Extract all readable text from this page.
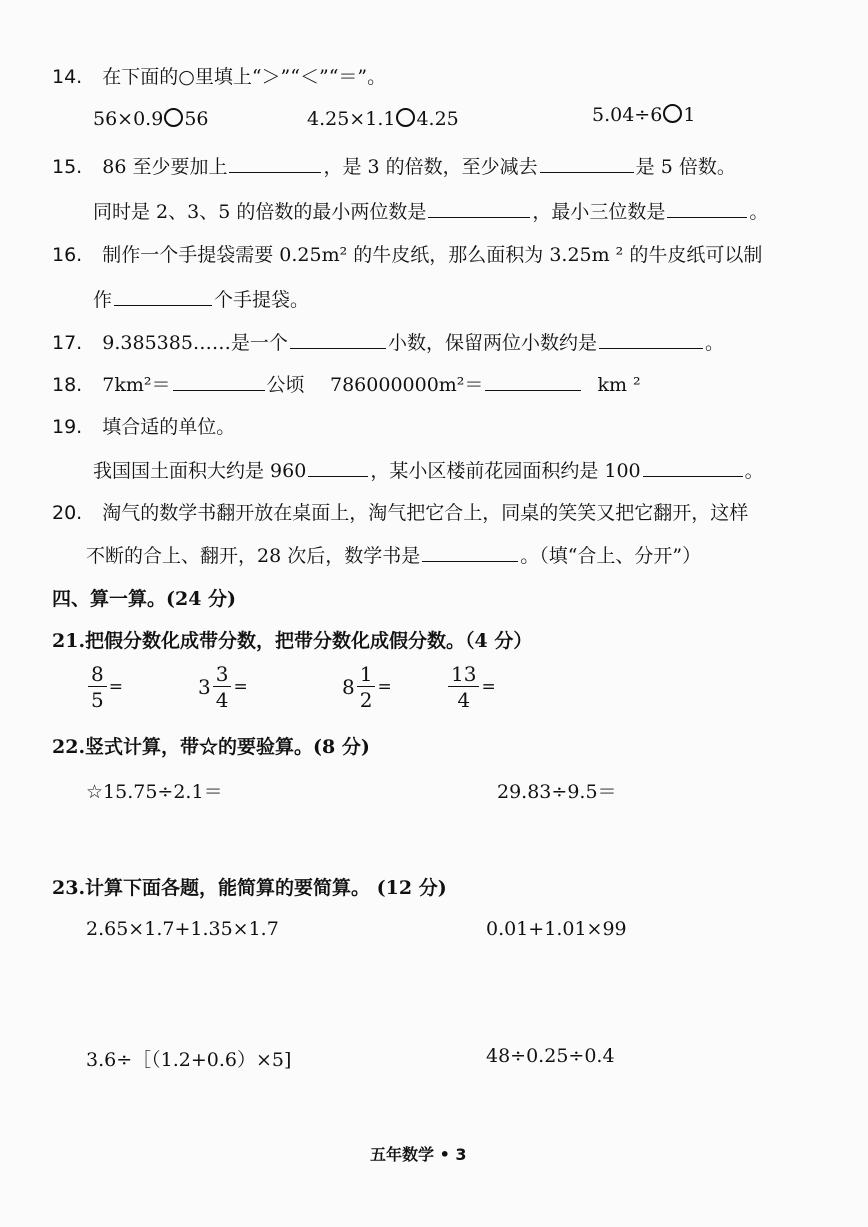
14. 在下面的○里填上“＞”“＜”“＝”。
56×0.9 56	4.25×1.1 4.25	5.04÷6 1
15. 86 至少要加上	，是 3 的倍数，至少减去	是 5 倍数。
同时是 2、3、5 的倍数的最小两位数是	，最小三位数是	。
16. 制作一个手提袋需要 0.25m² 的牛皮纸，那么面积为 3.25m ² 的牛皮纸可以制
作	个手提袋。
17. 9.385385……是一个	小数，保留两位小数约是	。
18. 7km²＝	公顷 786000000m²＝	km ²
19. 填合适的单位。
我国国土面积大约是 960	，某小区楼前花园面积约是 100	。
20. 淘气的数学书翻开放在桌面上，淘气把它合上，同桌的笑笑又把它翻开，这样
不断的合上、翻开，28 次后，数学书是	。（填“合上、分开”）
四、算一算。(24 分)
21.把假分数化成带分数，把带分数化成假分数。（4 分）
$\frac{8}{5}$ =	$3 \frac{3}{4}$ =	$8 \frac{1}{2}$ =	$\frac{13}{4}$ =
22.竖式计算，带☆的要验算。(8 分)
☆15.75÷2.1＝	29.83÷9.5＝
23.计算下面各题，能简算的要简算。 (12 分)
2.65×1.7+1.35×1.7	0.01+1.01×99
3.6÷［（1.2+0.6）×5]	48÷0.25÷0.4
五年数学 • 3
